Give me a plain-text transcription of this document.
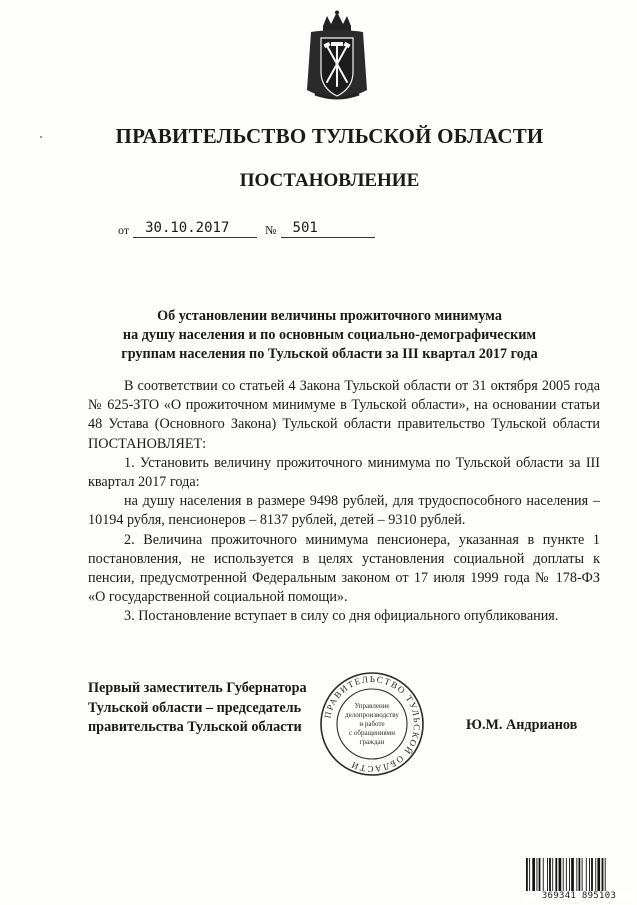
ПРАВИТЕЛЬСТВО ТУЛЬСКОЙ ОБЛАСТИ
ПОСТАНОВЛЕНИЕ
от	30.10.2017	№	501
Об установлении величины прожиточного минимума
на душу населения и по основным социально-демографическим
группам населения по Тульской области за III квартал 2017 года

В соответствии со статьей 4 Закона Тульской области от 31 октября 2005 года № 625-ЗТО «О прожиточном минимуме в Тульской области», на основании статьи 48 Устава (Основного Закона) Тульской области правительство Тульской области ПОСТАНОВЛЯЕТ:

1. Установить величину прожиточного минимума по Тульской области за III квартал 2017 года:

на душу населения в размере 9498 рублей, для трудоспособного населения – 10194 рубля, пенсионеров – 8137 рублей, детей – 9310 рублей.

2. Величина прожиточного минимума пенсионера, указанная в пункте 1 постановления, не используется в целях установления социальной доплаты к пенсии, предусмотренной Федеральным законом от 17 июля 1999 года № 178-ФЗ «О государственной социальной помощи».

3. Постановление вступает в силу со дня официального опубликования.

Первый заместитель Губернатора
Тульской области – председатель
правительства Тульской области
ПРАВИТЕЛЬСТВО ТУЛЬСКОЙ ОБЛАСТИ
Управление
делопроизводству
и работе
с обращениями
граждан
Ю.М. Андрианов
369341 895103
